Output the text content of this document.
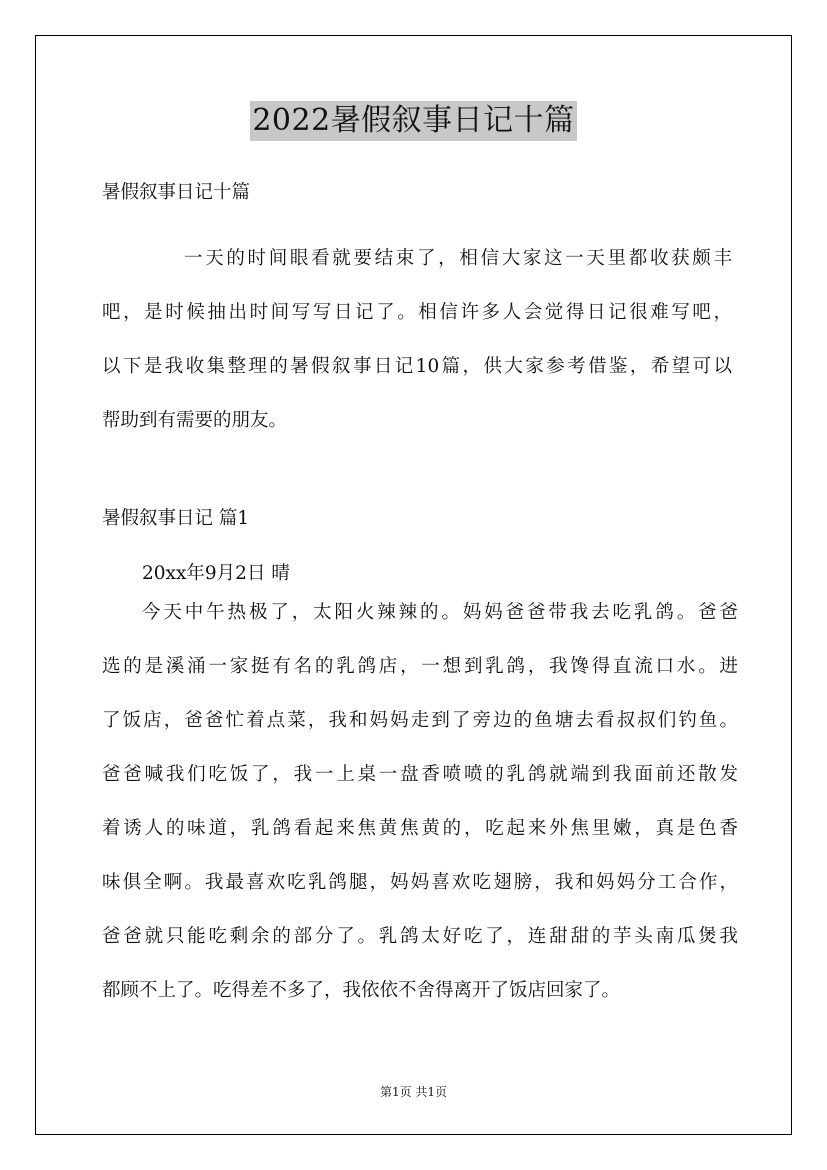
2022暑假叙事日记十篇
暑假叙事日记十篇

一天的时间眼看就要结束了，相信大家这一天里都收获颇丰
吧，是时候抽出时间写写日记了。相信许多人会觉得日记很难写吧，
以下是我收集整理的暑假叙事日记10篇，供大家参考借鉴，希望可以
帮助到有需要的朋友。

暑假叙事日记 篇1
20xx年9月2日 晴

今天中午热极了，太阳火辣辣的。妈妈爸爸带我去吃乳鸽。爸爸
选的是溪涌一家挺有名的乳鸽店，一想到乳鸽，我馋得直流口水。进
了饭店，爸爸忙着点菜，我和妈妈走到了旁边的鱼塘去看叔叔们钓鱼。
爸爸喊我们吃饭了，我一上桌一盘香喷喷的乳鸽就端到我面前还散发
着诱人的味道，乳鸽看起来焦黄焦黄的，吃起来外焦里嫩，真是色香
味俱全啊。我最喜欢吃乳鸽腿，妈妈喜欢吃翅膀，我和妈妈分工合作，
爸爸就只能吃剩余的部分了。乳鸽太好吃了，连甜甜的芋头南瓜煲我
都顾不上了。吃得差不多了，我依依不舍得离开了饭店回家了。

第1页 共1页
